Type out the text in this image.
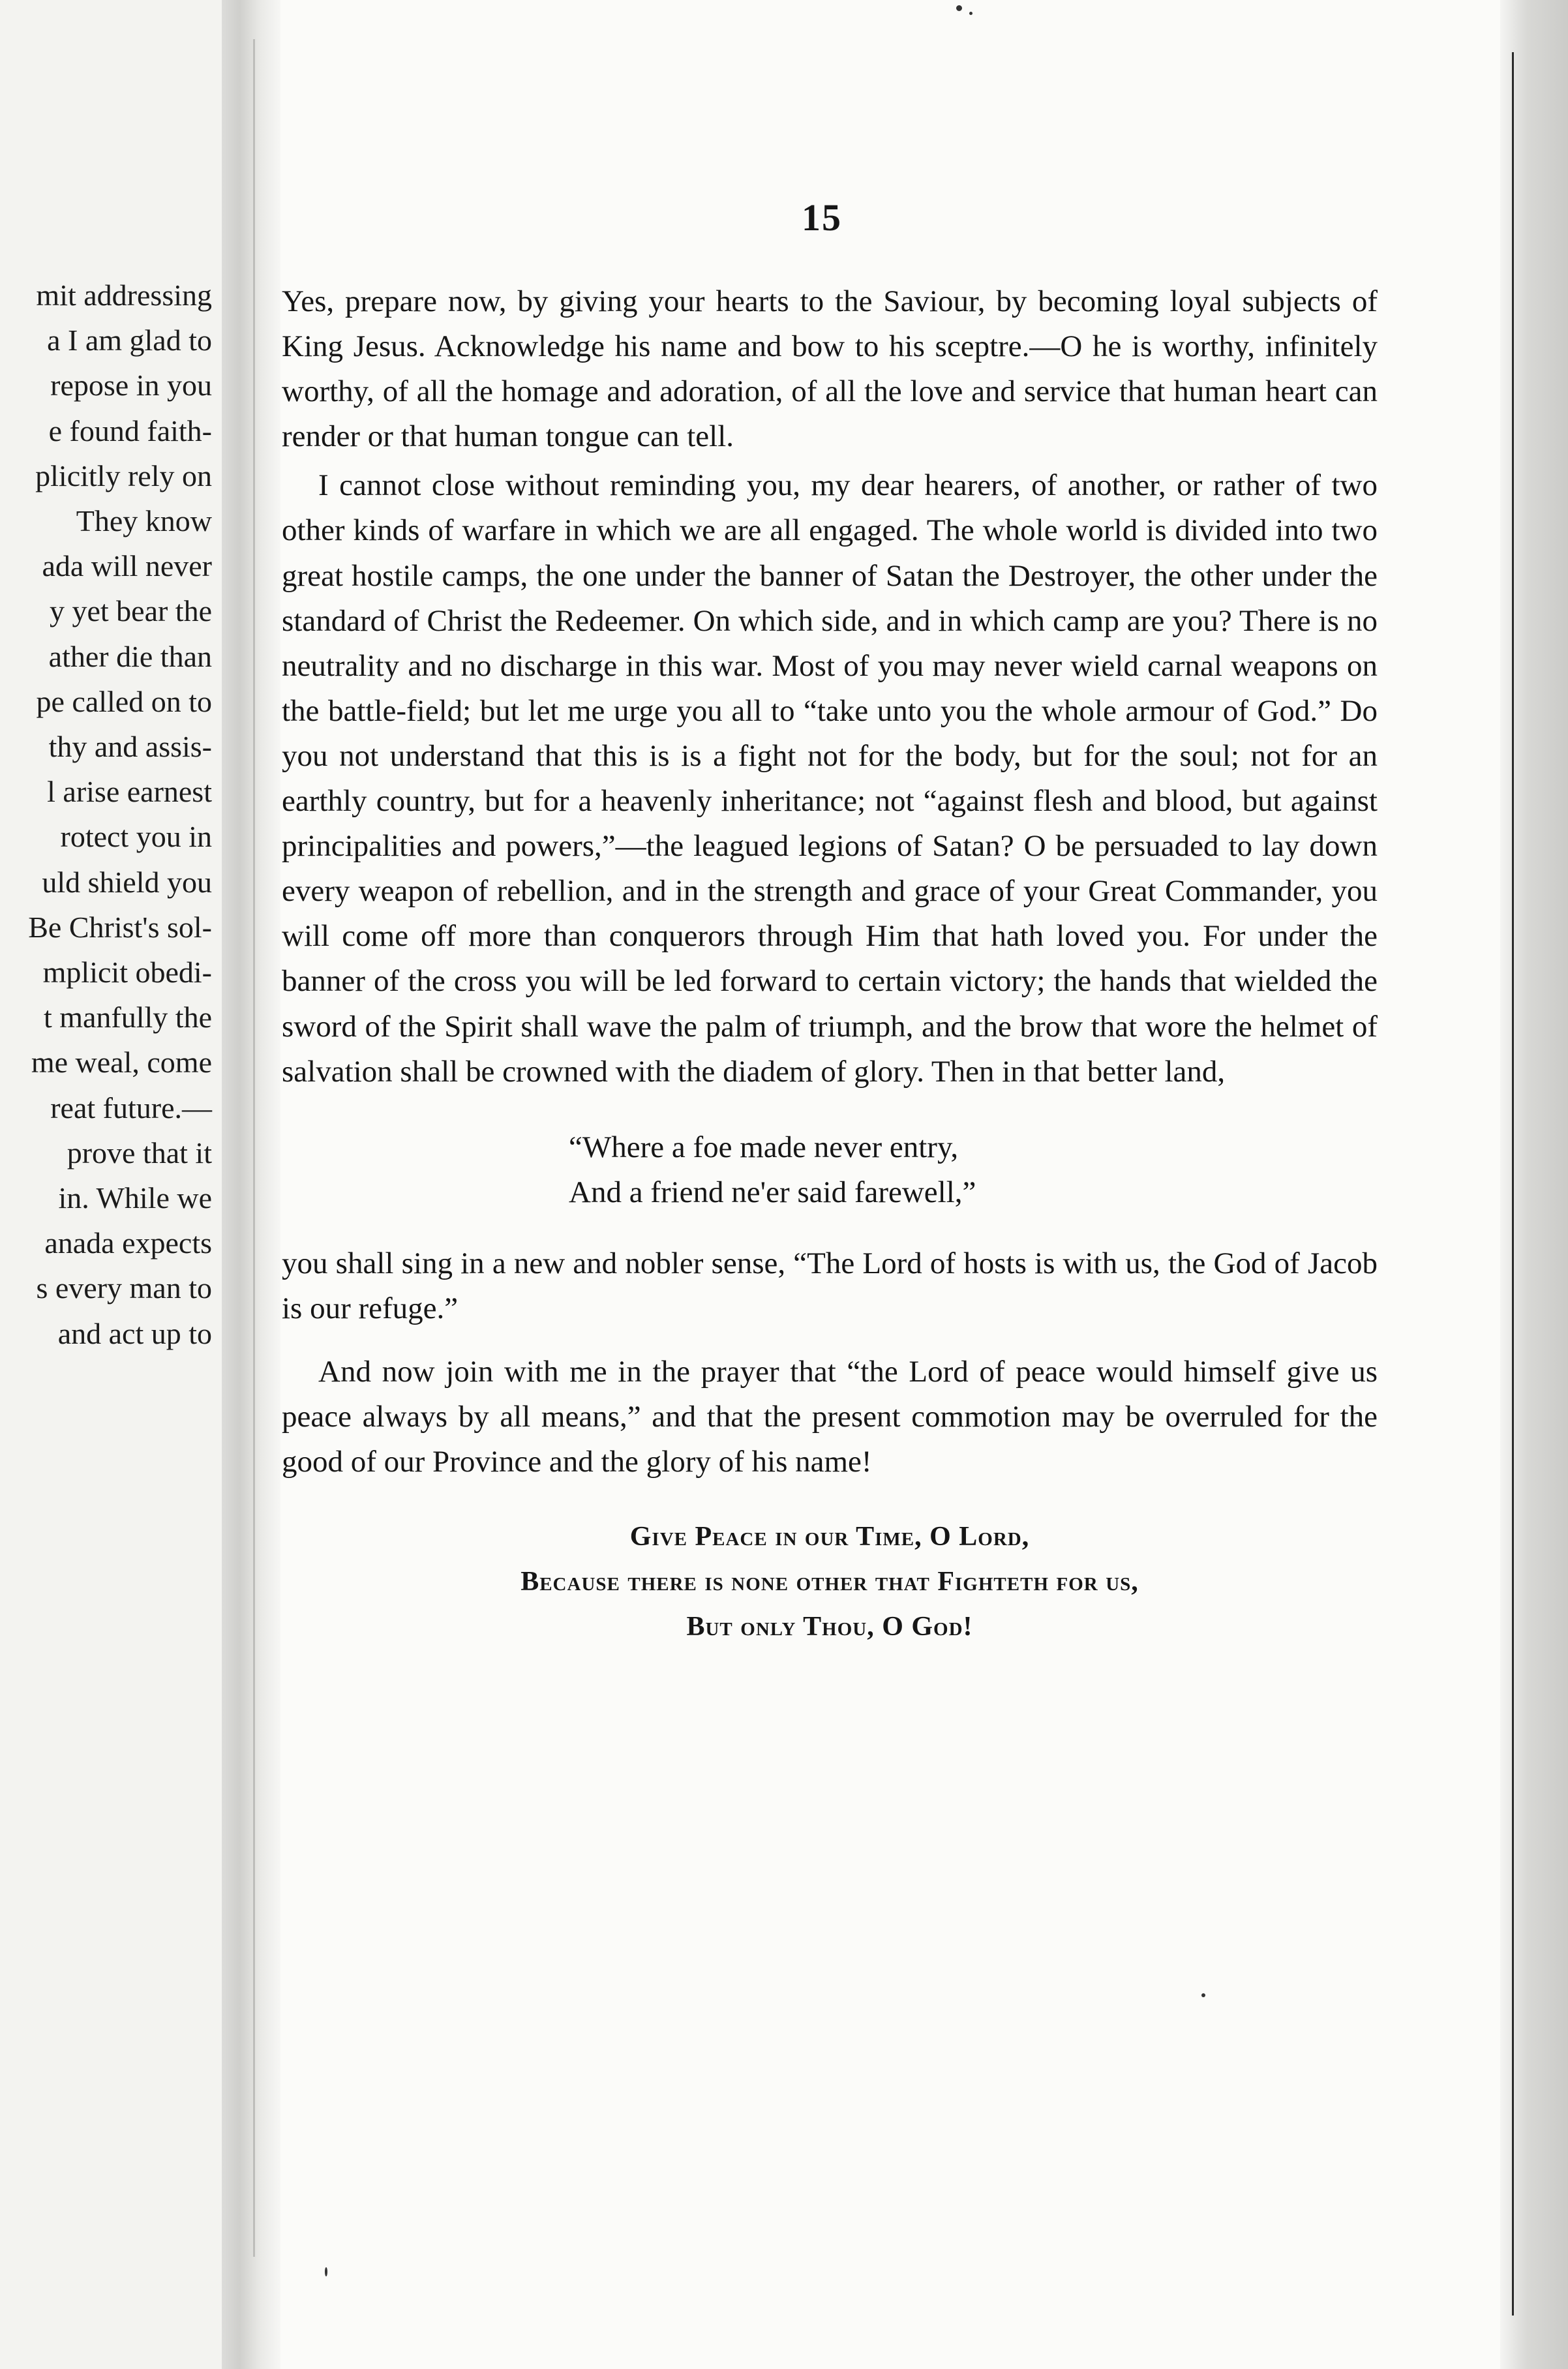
mit addressing
a I am glad to
repose in you
e found faith-
plicitly rely on
They know
ada will never
y yet bear the
ather die than
pe called on to
thy and assis-
l arise earnest
rotect you in
uld shield you
Be Christ's sol-
mplicit obedi-
t manfully the
me weal, come
reat future.—
prove that it
in. While we
anada expects
s every man to
and act up to
15

Yes, prepare now, by giving your hearts to the Saviour, by becoming loyal subjects of King Jesus. Acknowledge his name and bow to his sceptre.—O he is worthy, infinitely worthy, of all the homage and adoration, of all the love and service that human heart can render or that human tongue can tell.

I cannot close without reminding you, my dear hearers, of another, or rather of two other kinds of warfare in which we are all engaged. The whole world is divided into two great hostile camps, the one under the banner of Satan the Destroyer, the other under the standard of Christ the Redeemer. On which side, and in which camp are you? There is no neutrality and no discharge in this war. Most of you may never wield carnal weapons on the battle-field; but let me urge you all to “take unto you the whole armour of God.” Do you not understand that this is is a fight not for the body, but for the soul; not for an earthly country, but for a heavenly inheritance; not “against flesh and blood, but against principalities and powers,”—the leagued legions of Satan? O be persuaded to lay down every weapon of rebellion, and in the strength and grace of your Great Commander, you will come off more than conquerors through Him that hath loved you. For under the banner of the cross you will be led forward to certain victory; the hands that wielded the sword of the Spirit shall wave the palm of triumph, and the brow that wore the helmet of salvation shall be crowned with the diadem of glory. Then in that better land,

“Where a foe made never entry,
And a friend ne'er said farewell,”

you shall sing in a new and nobler sense, “The Lord of hosts is with us, the God of Jacob is our refuge.”

And now join with me in the prayer that “the Lord of peace would himself give us peace always by all means,” and that the present commotion may be overruled for the good of our Province and the glory of his name!

Give Peace in our Time, O Lord,
Because there is none other that Fighteth for us,
But only Thou, O God!
